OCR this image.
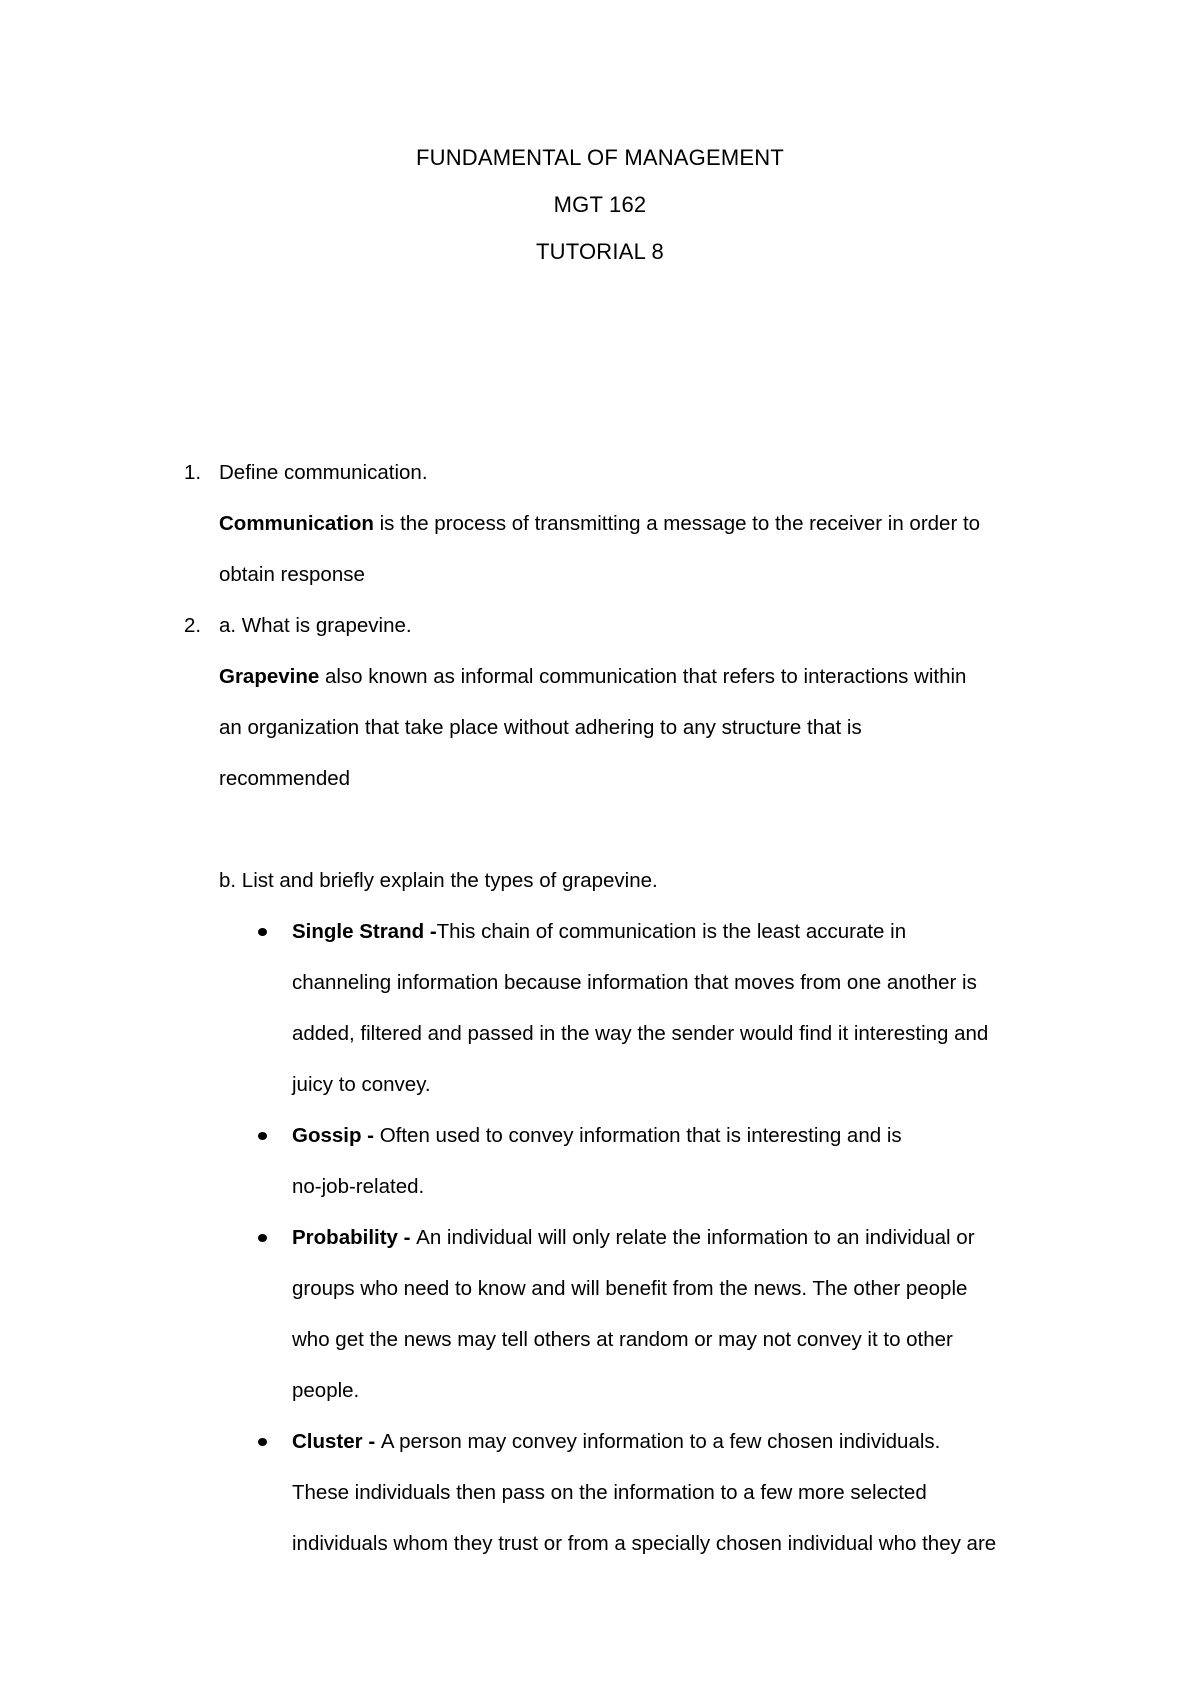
FUNDAMENTAL OF MANAGEMENT
MGT 162
TUTORIAL 8
1. Define communication.
Communication is the process of transmitting a message to the receiver in order to
obtain response
2. a. What is grapevine.
Grapevine also known as informal communication that refers to interactions within
an organization that take place without adhering to any structure that is
recommended
b. List and briefly explain the types of grapevine.
Single Strand -This chain of communication is the least accurate in
channeling information because information that moves from one another is
added, filtered and passed in the way the sender would find it interesting and
juicy to convey.
Gossip - Often used to convey information that is interesting and is
no-job-related.
Probability - An individual will only relate the information to an individual or
groups who need to know and will benefit from the news. The other people
who get the news may tell others at random or may not convey it to other
people.
Cluster - A person may convey information to a few chosen individuals.
These individuals then pass on the information to a few more selected
individuals whom they trust or from a specially chosen individual who they are
